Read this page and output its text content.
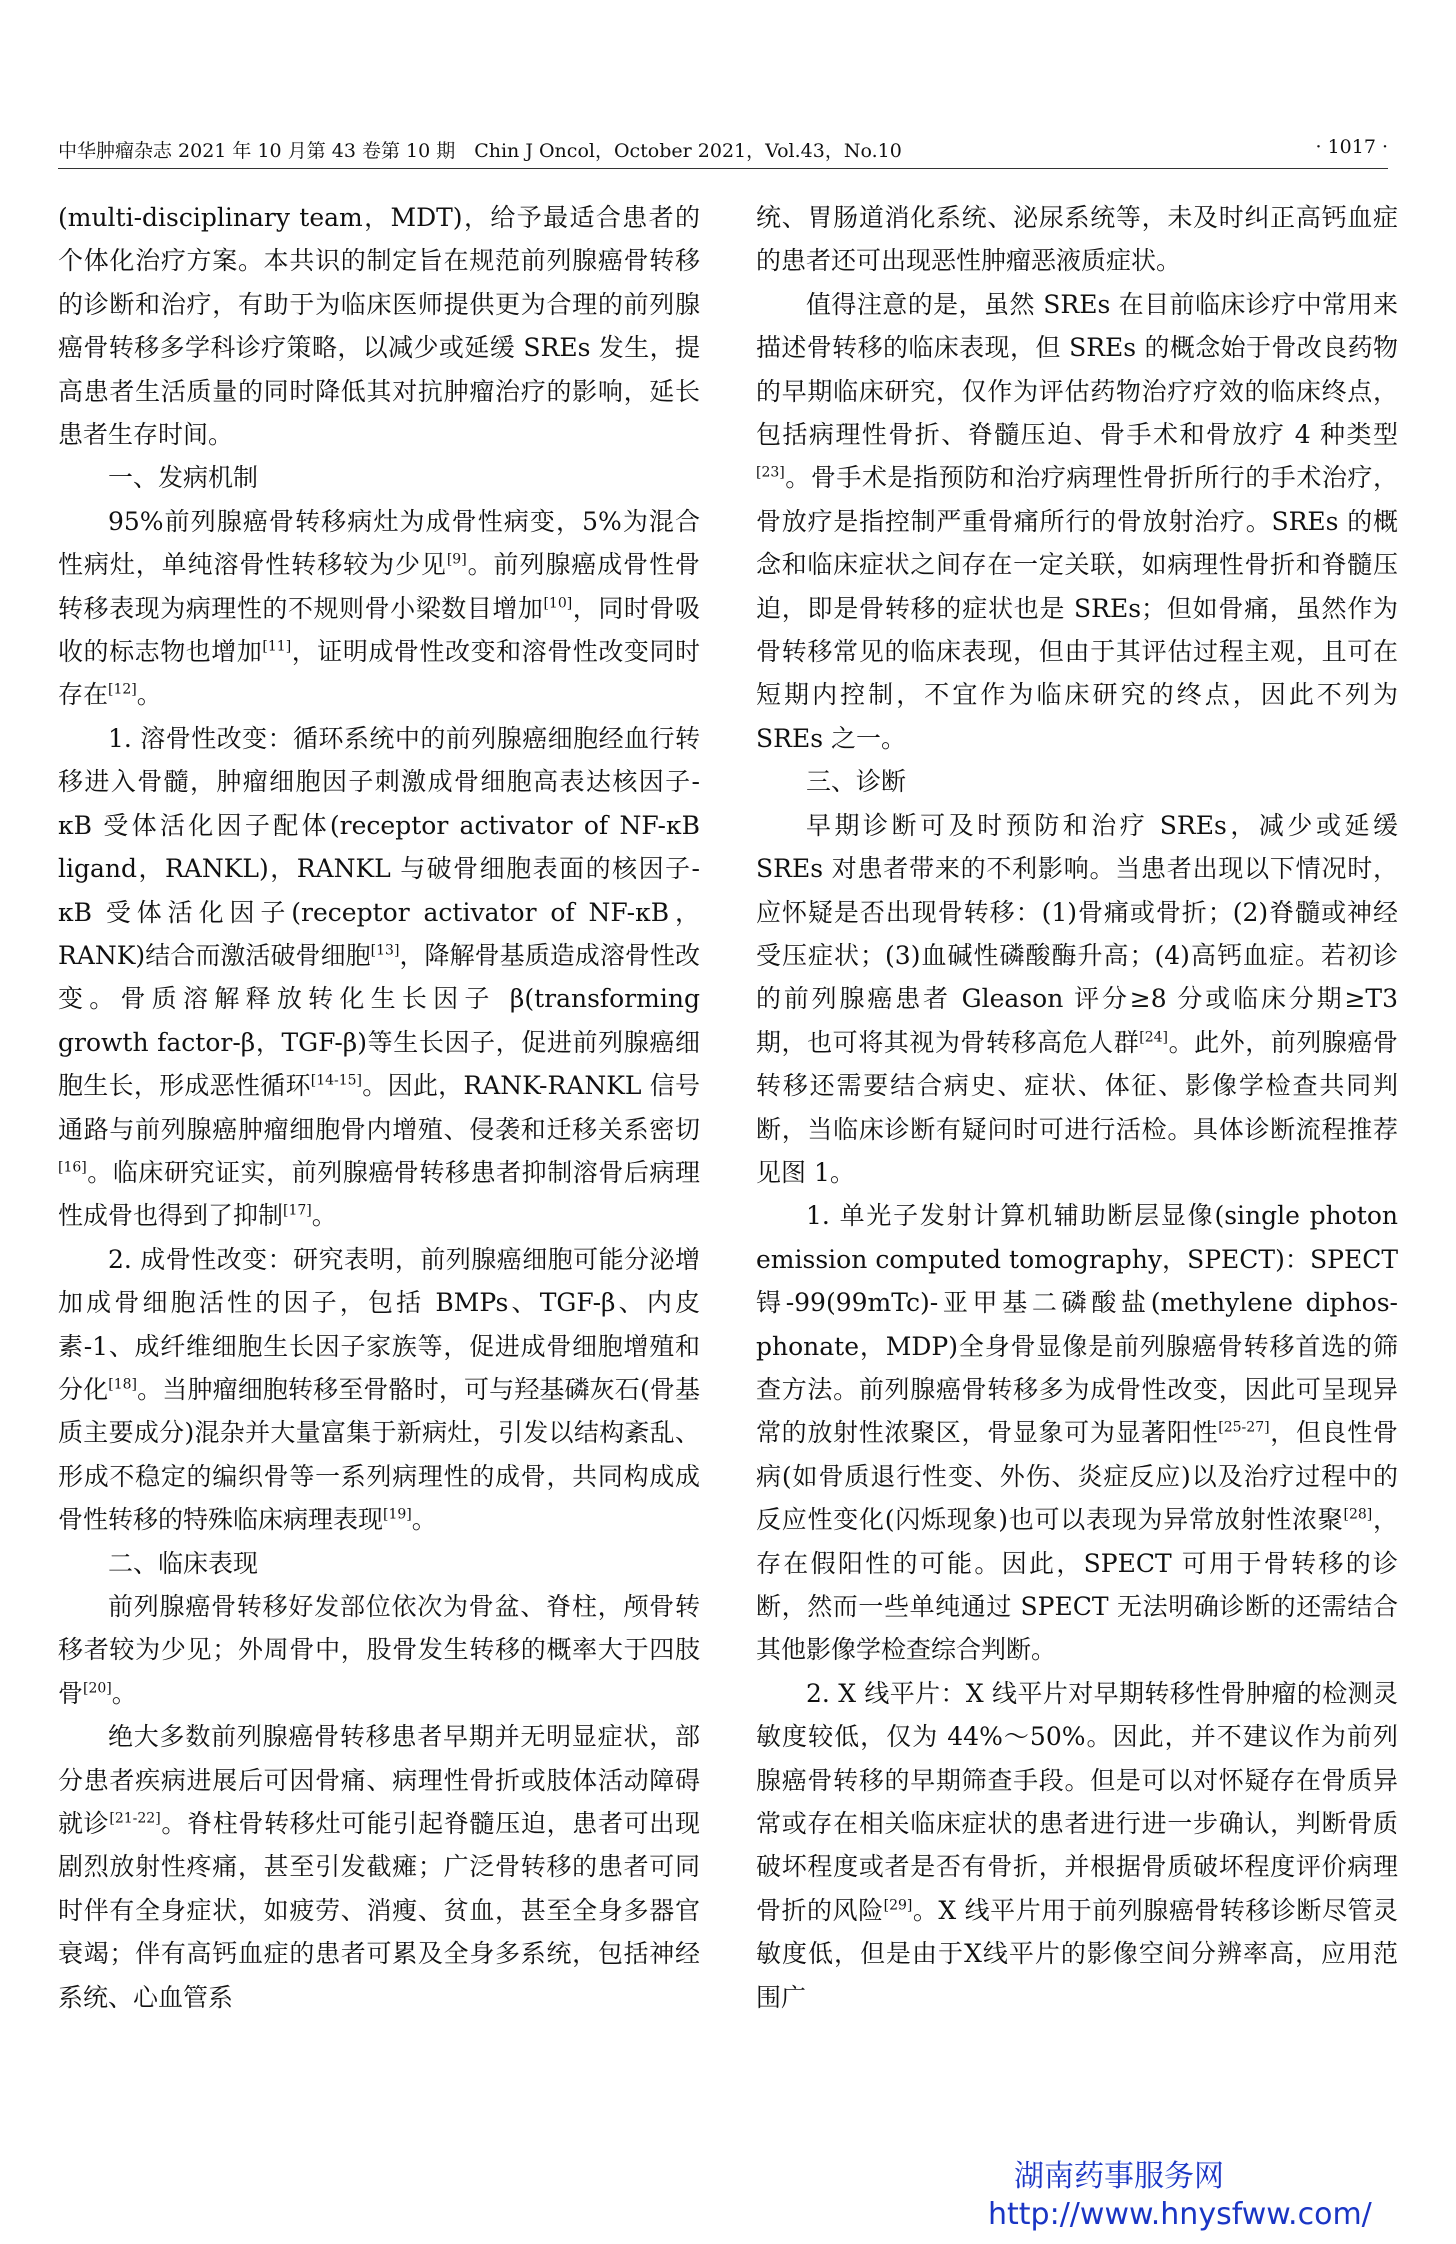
中华肿瘤杂志 2021 年 10 月第 43 卷第 10 期　Chin J Oncol，October 2021，Vol.43，No.10	· 1017 ·

(multi-disciplinary team，MDT)，给予最适合患者的个体化治疗方案。本共识的制定旨在规范前列腺癌骨转移的诊断和治疗，有助于为临床医师提供更为合理的前列腺癌骨转移多学科诊疗策略，以减少或延缓 SREs 发生，提高患者生活质量的同时降低其对抗肿瘤治疗的影响，延长患者生存时间。

一、发病机制

95%前列腺癌骨转移病灶为成骨性病变，5%为混合性病灶，单纯溶骨性转移较为少见[9]。前列腺癌成骨性骨转移表现为病理性的不规则骨小梁数目增加[10]，同时骨吸收的标志物也增加[11]，证明成骨性改变和溶骨性改变同时存在[12]。

1. 溶骨性改变：循环系统中的前列腺癌细胞经血行转移进入骨髓，肿瘤细胞因子刺激成骨细胞高表达核因子-κB 受体活化因子配体(receptor activator of NF-κB ligand，RANKL)，RANKL 与破骨细胞表面的核因子-κB 受体活化因子(receptor activator of NF-κB，RANK)结合而激活破骨细胞[13]，降解骨基质造成溶骨性改变。骨质溶解释放转化生长因子 β(transforming growth factor-β，TGF-β)等生长因子，促进前列腺癌细胞生长，形成恶性循环[14-15]。因此，RANK-RANKL 信号通路与前列腺癌肿瘤细胞骨内增殖、侵袭和迁移关系密切[16]。临床研究证实，前列腺癌骨转移患者抑制溶骨后病理性成骨也得到了抑制[17]。

2. 成骨性改变：研究表明，前列腺癌细胞可能分泌增加成骨细胞活性的因子，包括 BMPs、TGF-β、内皮素-1、成纤维细胞生长因子家族等，促进成骨细胞增殖和分化[18]。当肿瘤细胞转移至骨骼时，可与羟基磷灰石(骨基质主要成分)混杂并大量富集于新病灶，引发以结构紊乱、形成不稳定的编织骨等一系列病理性的成骨，共同构成成骨性转移的特殊临床病理表现[19]。

二、临床表现

前列腺癌骨转移好发部位依次为骨盆、脊柱，颅骨转移者较为少见；外周骨中，股骨发生转移的概率大于四肢骨[20]。

绝大多数前列腺癌骨转移患者早期并无明显症状，部分患者疾病进展后可因骨痛、病理性骨折或肢体活动障碍就诊[21-22]。脊柱骨转移灶可能引起脊髓压迫，患者可出现剧烈放射性疼痛，甚至引发截瘫；广泛骨转移的患者可同时伴有全身症状，如疲劳、消瘦、贫血，甚至全身多器官衰竭；伴有高钙血症的患者可累及全身多系统，包括神经系统、心血管系

统、胃肠道消化系统、泌尿系统等，未及时纠正高钙血症的患者还可出现恶性肿瘤恶液质症状。

值得注意的是，虽然 SREs 在目前临床诊疗中常用来描述骨转移的临床表现，但 SREs 的概念始于骨改良药物的早期临床研究，仅作为评估药物治疗疗效的临床终点，包括病理性骨折、脊髓压迫、骨手术和骨放疗 4 种类型[23]。骨手术是指预防和治疗病理性骨折所行的手术治疗，骨放疗是指控制严重骨痛所行的骨放射治疗。SREs 的概念和临床症状之间存在一定关联，如病理性骨折和脊髓压迫，即是骨转移的症状也是 SREs；但如骨痛，虽然作为骨转移常见的临床表现，但由于其评估过程主观，且可在短期内控制，不宜作为临床研究的终点，因此不列为 SREs 之一。

三、诊断

早期诊断可及时预防和治疗 SREs，减少或延缓 SREs 对患者带来的不利影响。当患者出现以下情况时，应怀疑是否出现骨转移：(1)骨痛或骨折；(2)脊髓或神经受压症状；(3)血碱性磷酸酶升高；(4)高钙血症。若初诊的前列腺癌患者 Gleason 评分≥8 分或临床分期≥T3 期，也可将其视为骨转移高危人群[24]。此外，前列腺癌骨转移还需要结合病史、症状、体征、影像学检查共同判断，当临床诊断有疑问时可进行活检。具体诊断流程推荐见图 1。

1. 单光子发射计算机辅助断层显像(single photon emission computed tomography，SPECT)：SPECT 锝-99(99mTc)-亚甲基二磷酸盐(methylene diphos-phonate，MDP)全身骨显像是前列腺癌骨转移首选的筛查方法。前列腺癌骨转移多为成骨性改变，因此可呈现异常的放射性浓聚区，骨显象可为显著阳性[25-27]，但良性骨病(如骨质退行性变、外伤、炎症反应)以及治疗过程中的反应性变化(闪烁现象)也可以表现为异常放射性浓聚[28]，存在假阳性的可能。因此，SPECT 可用于骨转移的诊断，然而一些单纯通过 SPECT 无法明确诊断的还需结合其他影像学检查综合判断。

2. X 线平片：X 线平片对早期转移性骨肿瘤的检测灵敏度较低，仅为 44%～50%。因此，并不建议作为前列腺癌骨转移的早期筛查手段。但是可以对怀疑存在骨质异常或存在相关临床症状的患者进行进一步确认，判断骨质破坏程度或者是否有骨折，并根据骨质破坏程度评价病理骨折的风险[29]。X 线平片用于前列腺癌骨转移诊断尽管灵敏度低，但是由于X线平片的影像空间分辨率高，应用范围广

湖南药事服务网
http://www.hnysfww.com/
